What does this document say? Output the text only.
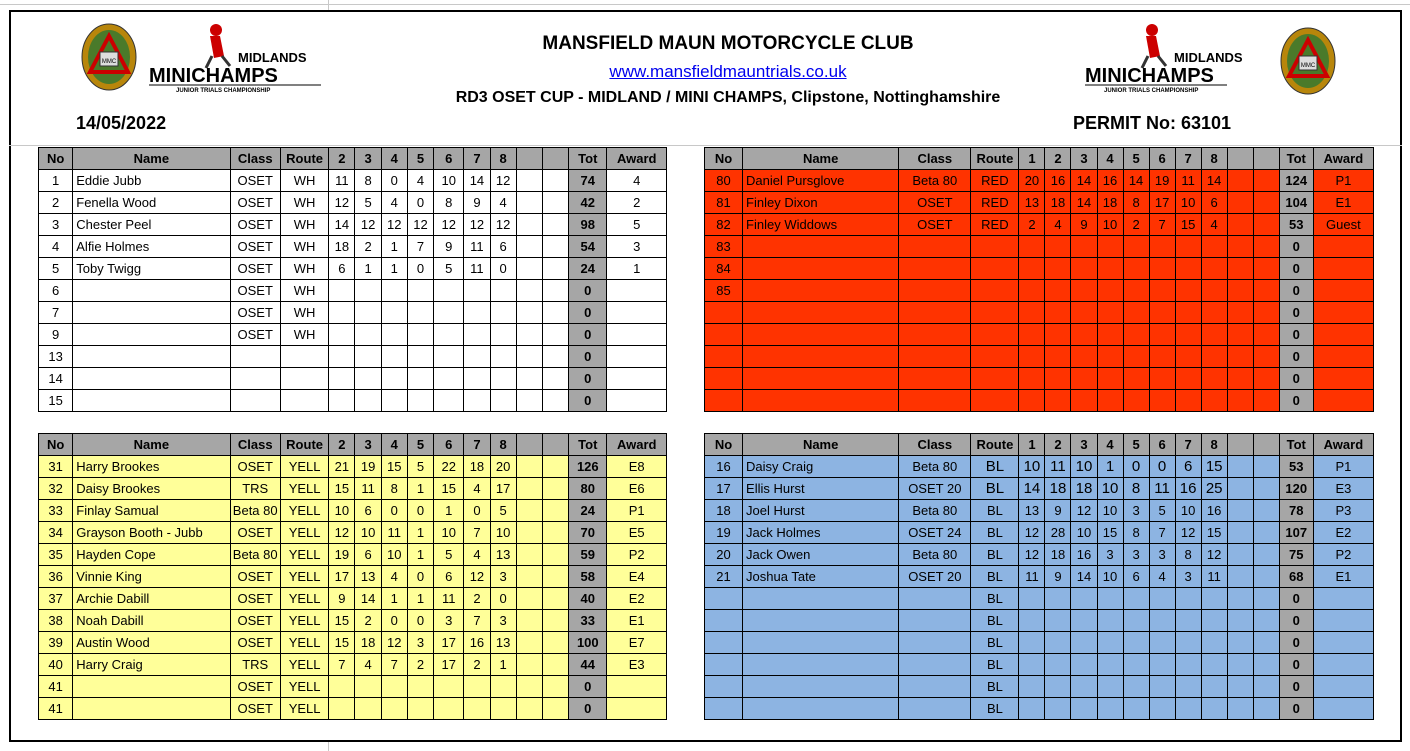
MMC	MIDLANDS
MINICHAMPS
JUNIOR TRIALS CHAMPIONSHIP
MIDLANDS
MINICHAMPS
JUNIOR TRIALS CHAMPIONSHIP
MMC
MANSFIELD MAUN MOTORCYCLE CLUB
www.mansfieldmauntrials.co.uk
RD3 OSET CUP - MIDLAND / MINI CHAMPS, Clipstone, Nottinghamshire
14/05/2022	PERMIT No: 63101
No	Name	Class	Route	2	3	4	5	6	7	8			Tot	Award
1	Eddie Jubb	OSET	WH	11	8	0	4	10	14	12			74	4
2	Fenella Wood	OSET	WH	12	5	4	0	8	9	4			42	2
3	Chester Peel	OSET	WH	14	12	12	12	12	12	12			98	5
4	Alfie Holmes	OSET	WH	18	2	1	7	9	11	6			54	3
5	Toby Twigg	OSET	WH	6	1	1	0	5	11	0			24	1
6		OSET	WH										0	
7		OSET	WH										0	
9		OSET	WH										0	
13													0	
14													0	
15													0	
No	Name	Class	Route	1	2	3	4	5	6	7	8			Tot	Award
80	Daniel Pursglove	Beta 80	RED	20	16	14	16	14	19	11	14			124	P1
81	Finley Dixon	OSET	RED	13	18	14	18	8	17	10	6			104	E1
82	Finley Widdows	OSET	RED	2	4	9	10	2	7	15	4			53	Guest
83														0	
84														0	
85														0	
														0	
														0	
														0	
														0	
														0	
No	Name	Class	Route	2	3	4	5	6	7	8			Tot	Award
31	Harry Brookes	OSET	YELL	21	19	15	5	22	18	20			126	E8
32	Daisy Brookes	TRS	YELL	15	11	8	1	15	4	17			80	E6
33	Finlay Samual	Beta 80	YELL	10	6	0	0	1	0	5			24	P1
34	Grayson Booth - Jubb	OSET	YELL	12	10	11	1	10	7	10			70	E5
35	Hayden Cope	Beta 80	YELL	19	6	10	1	5	4	13			59	P2
36	Vinnie King	OSET	YELL	17	13	4	0	6	12	3			58	E4
37	Archie Dabill	OSET	YELL	9	14	1	1	11	2	0			40	E2
38	Noah Dabill	OSET	YELL	15	2	0	0	3	7	3			33	E1
39	Austin Wood	OSET	YELL	15	18	12	3	17	16	13			100	E7
40	Harry Craig	TRS	YELL	7	4	7	2	17	2	1			44	E3
41		OSET	YELL										0	
41		OSET	YELL										0	
No	Name	Class	Route	1	2	3	4	5	6	7	8			Tot	Award
16	Daisy Craig	Beta 80	BL	10	11	10	1	0	0	6	15			53	P1
17	Ellis Hurst	OSET 20	BL	14	18	18	10	8	11	16	25			120	E3
18	Joel Hurst	Beta 80	BL	13	9	12	10	3	5	10	16			78	P3
19	Jack Holmes	OSET 24	BL	12	28	10	15	8	7	12	15			107	E2
20	Jack Owen	Beta 80	BL	12	18	16	3	3	3	8	12			75	P2
21	Joshua Tate	OSET 20	BL	11	9	14	10	6	4	3	11			68	E1
			BL											0	
			BL											0	
			BL											0	
			BL											0	
			BL											0	
			BL											0	
